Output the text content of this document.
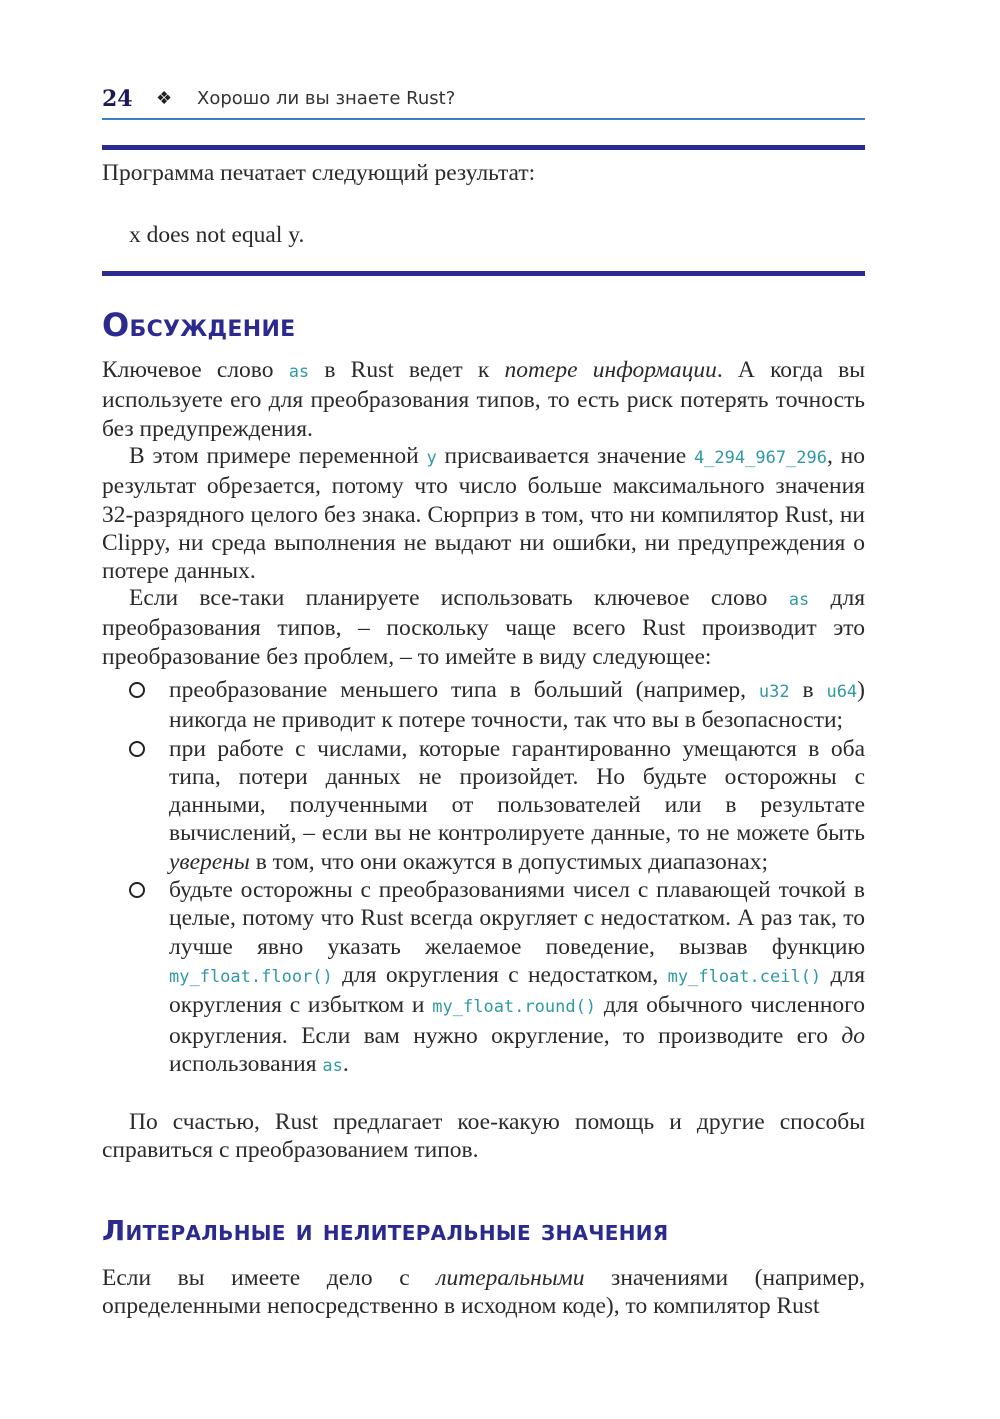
24 ❖ Хорошо ли вы знаете Rust?
Программа печатает следующий результат:
x does not equal y.
Обсуждение
Ключевое слово as в Rust ведет к потере информации. А когда вы используете его для преобразования типов, то есть риск потерять точность без предупреждения.
В этом примере переменной y присваивается значение 4_294_967_296, но результат обрезается, потому что число больше максимального значения 32-разрядного целого без знака. Сюрприз в том, что ни компилятор Rust, ни Clippy, ни среда выполнения не выдают ни ошибки, ни предупреждения о потере данных.
Если все-таки планируете использовать ключевое слово as для преобразования типов, – поскольку чаще всего Rust производит это преобразование без проблем, – то имейте в виду следующее:
преобразование меньшего типа в больший (например, u32 в u64) никогда не приводит к потере точности, так что вы в безопасности;
при работе с числами, которые гарантированно умещаются в оба типа, потери данных не произойдет. Но будьте осторожны с данными, полученными от пользователей или в результате вычислений, – если вы не контролируете данные, то не можете быть уверены в том, что они окажутся в допустимых диапазонах;
будьте осторожны с преобразованиями чисел с плавающей точкой в целые, потому что Rust всегда округляет с недостатком. А раз так, то лучше явно указать желаемое поведение, вызвав функцию my_float.floor() для округления с недостатком, my_float.ceil() для округления с избытком и my_float.round() для обычного численного округления. Если вам нужно округление, то производите его до использования as.
По счастью, Rust предлагает кое-какую помощь и другие способы справиться с преобразованием типов.
Литеральные и нелитеральные значения
Если вы имеете дело с литеральными значениями (например, определенными непосредственно в исходном коде), то компилятор Rust
